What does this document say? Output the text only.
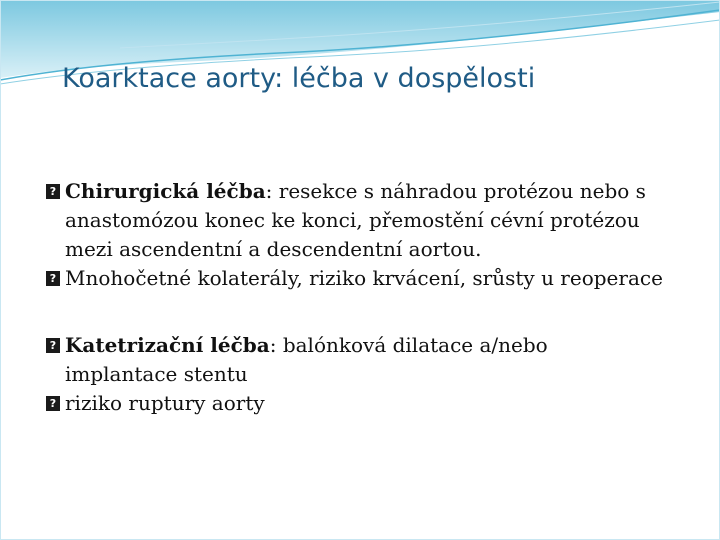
Koarktace aorty: léčba v dospělosti

? Chirurgická léčba: resekce s náhradou protézou nebo s anastomózou konec ke konci, přemostění cévní protézou mezi ascendentní a descendentní aortou.

? Mnohočetné kolaterály, riziko krvácení, srůsty u reoperace

? Katetrizační léčba: balónková dilatace a/nebo implantace stentu

? riziko ruptury aorty
